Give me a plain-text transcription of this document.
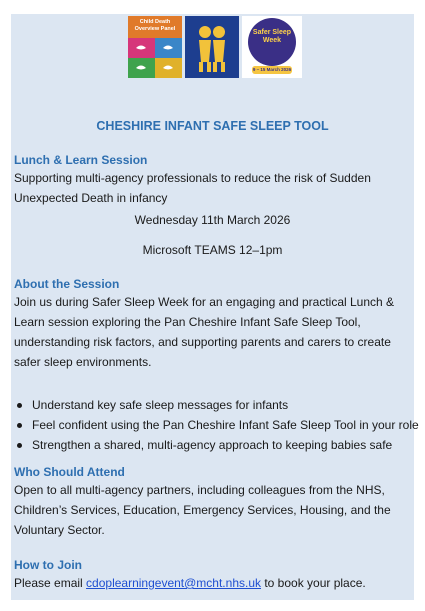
Child Death Overview Panel	Safer Sleep Week
9 – 15 March 2026
CHESHIRE INFANT SAFE SLEEP TOOL
Lunch & Learn Session
Supporting multi-agency professionals to reduce the risk of Sudden Unexpected Death in infancy
Wednesday 11th March 2026
Microsoft TEAMS 12–1pm
About the Session
Join us during Safer Sleep Week for an engaging and practical Lunch & Learn session exploring the Pan Cheshire Infant Safe Sleep Tool, understanding risk factors, and supporting parents and carers to create safer sleep environments.
Understand key safe sleep messages for infants
Feel confident using the Pan Cheshire Infant Safe Sleep Tool in your role
Strengthen a shared, multi-agency approach to keeping babies safe
Who Should Attend
Open to all multi-agency partners, including colleagues from the NHS, Children’s Services, Education, Emergency Services, Housing, and the Voluntary Sector.
How to Join
Please email cdoplearningevent@mcht.nhs.uk to book your place.
